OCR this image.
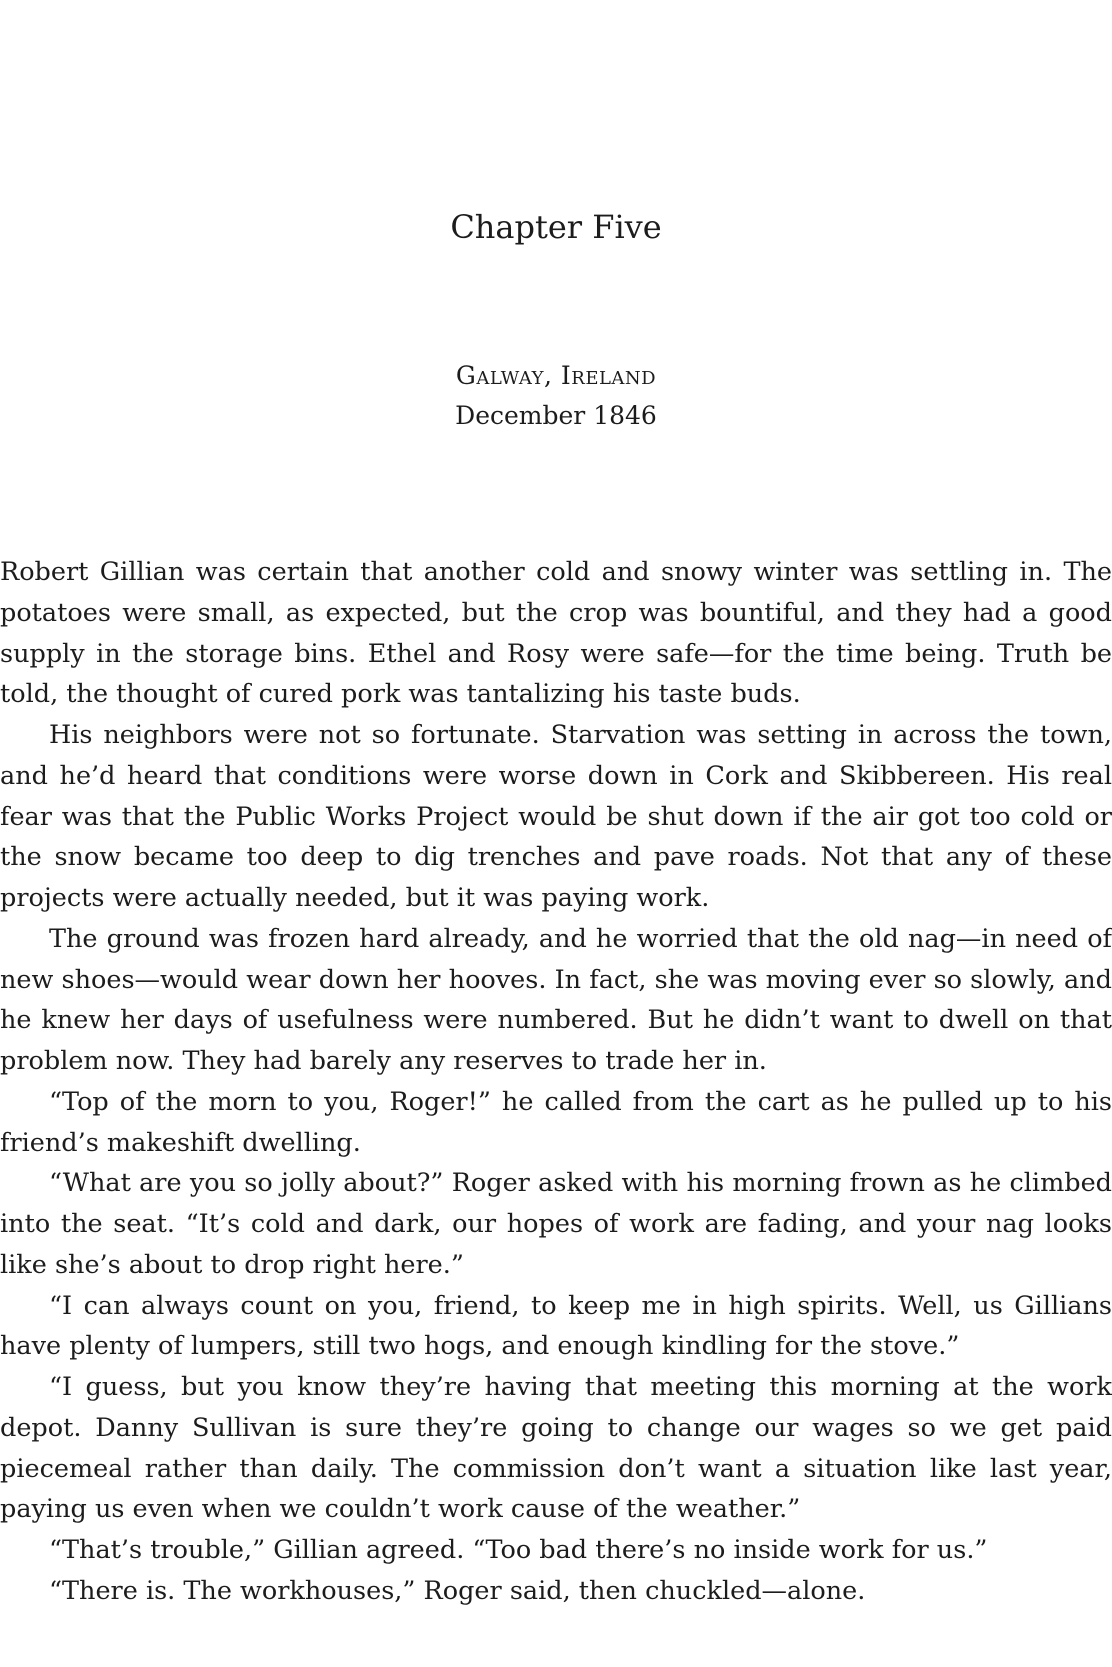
Chapter Five
Galway, Ireland
December 1846

Robert Gillian was certain that another cold and snowy winter was settling in. The potatoes were small, as expected, but the crop was bountiful, and they had a good supply in the storage bins. Ethel and Rosy were safe—for the time being. Truth be told, the thought of cured pork was tantalizing his taste buds.

His neighbors were not so fortunate. Starvation was setting in across the town, and he’d heard that conditions were worse down in Cork and Skibbereen. His real fear was that the Public Works Project would be shut down if the air got too cold or the snow became too deep to dig trenches and pave roads. Not that any of these projects were actually needed, but it was paying work.

The ground was frozen hard already, and he worried that the old nag—in need of new shoes—would wear down her hooves. In fact, she was moving ever so slowly, and he knew her days of usefulness were numbered. But he didn’t want to dwell on that problem now. They had barely any reserves to trade her in.

“Top of the morn to you, Roger!” he called from the cart as he pulled up to his friend’s makeshift dwelling.

“What are you so jolly about?” Roger asked with his morning frown as he climbed into the seat. “It’s cold and dark, our hopes of work are fading, and your nag looks like she’s about to drop right here.”

“I can always count on you, friend, to keep me in high spirits. Well, us Gillians have plenty of lumpers, still two hogs, and enough kindling for the stove.”

“I guess, but you know they’re having that meeting this morning at the work depot. Danny Sullivan is sure they’re going to change our wages so we get paid piecemeal rather than daily. The commission don’t want a situation like last year, paying us even when we couldn’t work cause of the weather.”

“That’s trouble,” Gillian agreed. “Too bad there’s no inside work for us.”

“There is. The workhouses,” Roger said, then chuckled—alone.
